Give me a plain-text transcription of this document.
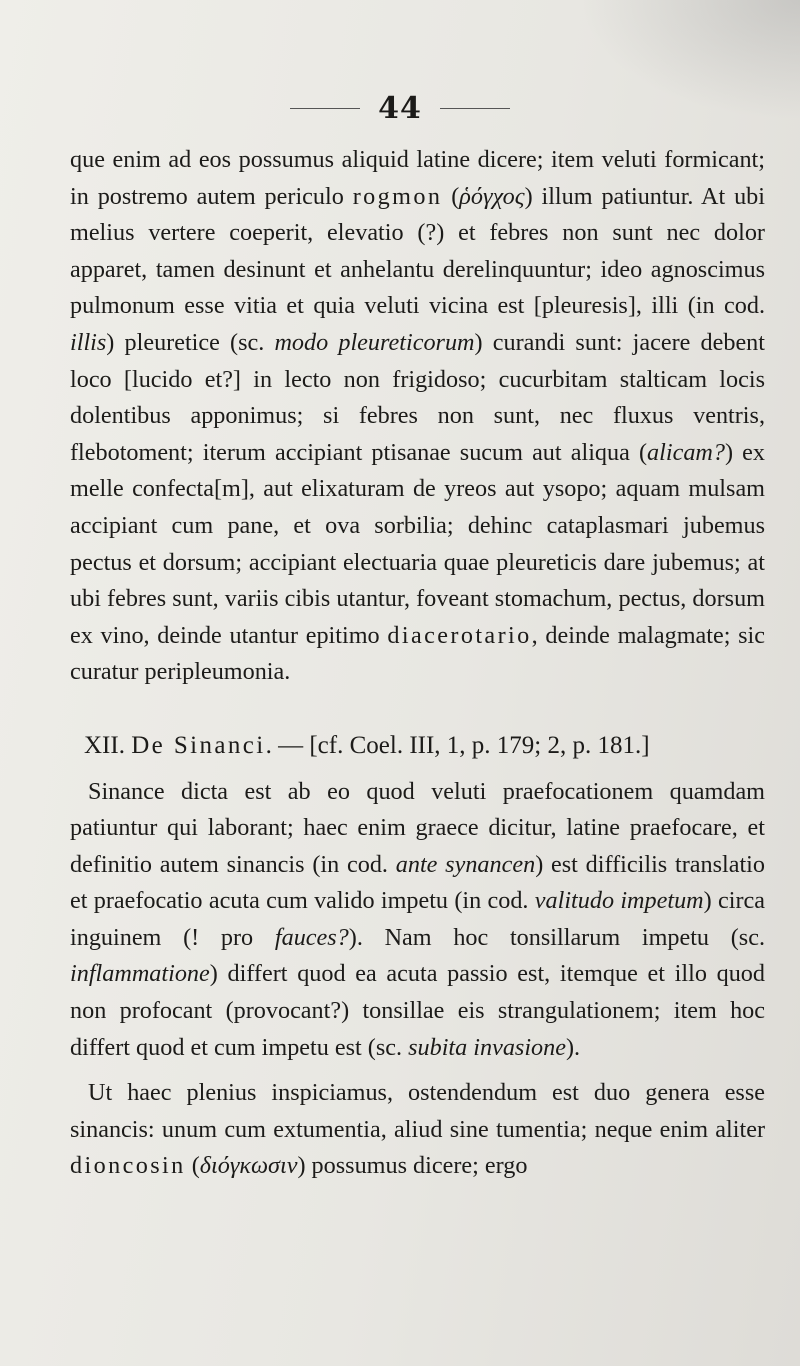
44

que enim ad eos possumus aliquid latine dicere; item veluti formicant; in postremo autem periculo rogmon (ῥόγχος) illum patiuntur. At ubi melius vertere coeperit, elevatio (?) et febres non sunt nec dolor apparet, tamen desinunt et anhelantu derelinquuntur; ideo agnoscimus pulmonum esse vitia et quia veluti vicina est [pleuresis], illi (in cod. illis) pleuretice (sc. modo pleureticorum) curandi sunt: jacere debent loco [lucido et?] in lecto non frigidoso; cucurbitam stalticam locis dolentibus apponimus; si febres non sunt, nec fluxus ventris, flebotoment; iterum accipiant ptisanae sucum aut aliqua (alicam?) ex melle confecta[m], aut elixaturam de yreos aut ysopo; aquam mulsam accipiant cum pane, et ova sorbilia; dehinc cataplasmari jubemus pectus et dorsum; accipiant electuaria quae pleureticis dare jubemus; at ubi febres sunt, variis cibis utantur, foveant stomachum, pectus, dorsum ex vino, deinde utantur epitimo diacerotario, deinde malagmate; sic curatur peripleumonia.

XII. De Sinanci. — [cf. Coel. III, 1, p. 179; 2, p. 181.]

Sinance dicta est ab eo quod veluti praefocationem quamdam patiuntur qui laborant; haec enim graece dicitur, latine praefocare, et definitio autem sinancis (in cod. ante synancen) est difficilis translatio et praefocatio acuta cum valido impetu (in cod. valitudo impetum) circa inguinem (! pro fauces?). Nam hoc tonsillarum impetu (sc. inflammatione) differt quod ea acuta passio est, itemque et illo quod non profocant (provocant?) tonsillae eis strangulationem; item hoc differt quod et cum impetu est (sc. subita invasione).

Ut haec plenius inspiciamus, ostendendum est duo genera esse sinancis: unum cum extumentia, aliud sine tumentia; neque enim aliter dioncosin (διόγκωσιν) possumus dicere; ergo
